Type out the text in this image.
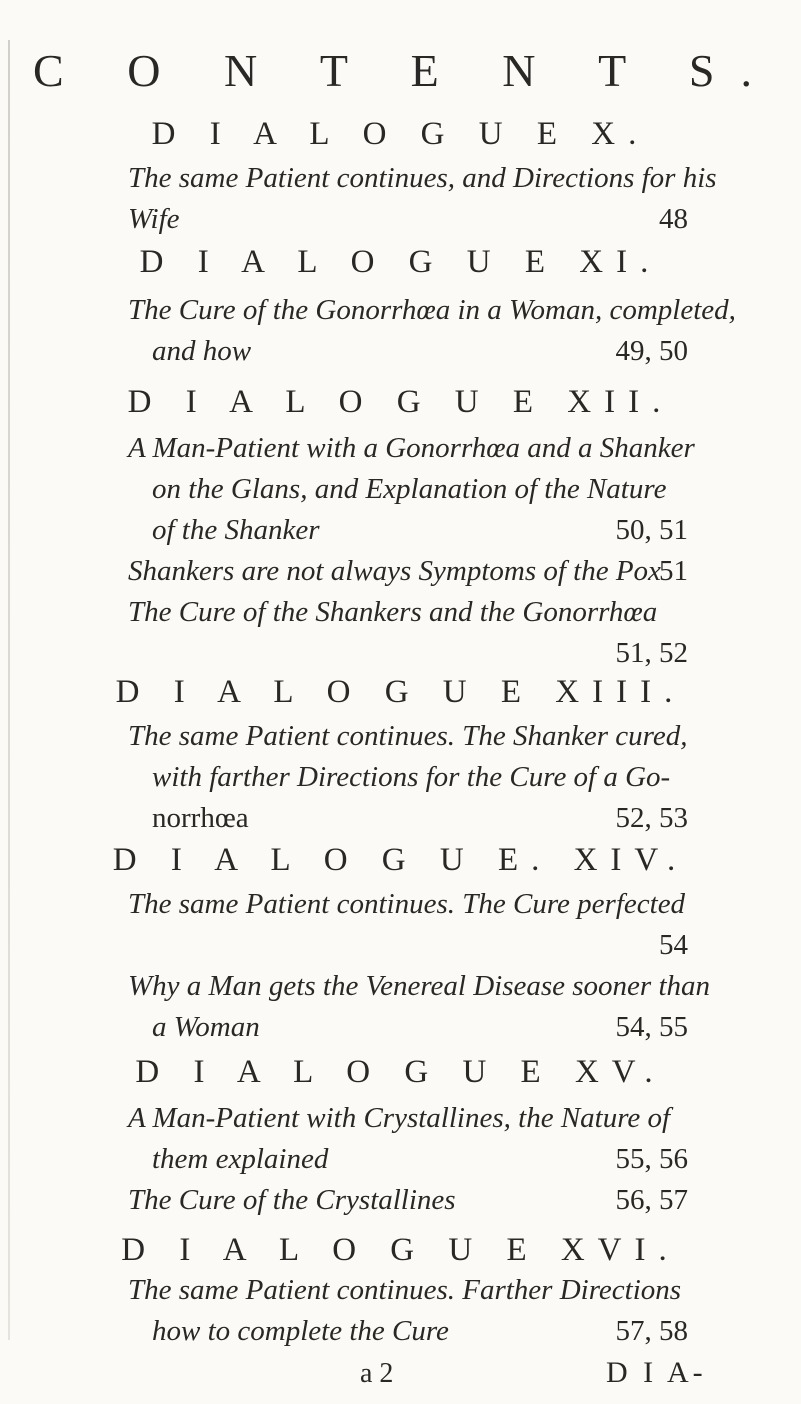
C O N T E N T S.
D I A L O G U E X.
The same Patient continues, and Directions for his
Wife	48
D I A L O G U E XI.
The Cure of the Gonorrhœa in a Woman, completed,
and how	49, 50
D I A L O G U E XII.
A Man-Patient with a Gonorrhœa and a Shanker
on the Glans, and Explanation of the Nature
of the Shanker	50, 51
Shankers are not always Symptoms of the Pox
51
The Cure of the Shankers and the Gonorrhœa
51, 52
D I A L O G U E XIII.
The same Patient continues. The Shanker cured,
with farther Directions for the Cure of a Go-
norrhœa	52, 53
D I A L O G U E. XIV.
The same Patient continues. The Cure perfected
54
Why a Man gets the Venereal Disease sooner than
a Woman	54, 55
D I A L O G U E XV.
A Man-Patient with Crystallines, the Nature of
them explained	55, 56
The Cure of the Crystallines	56, 57
D I A L O G U E XVI.
The same Patient continues. Farther Directions
how to complete the Cure	57, 58
a 2	D I A-
